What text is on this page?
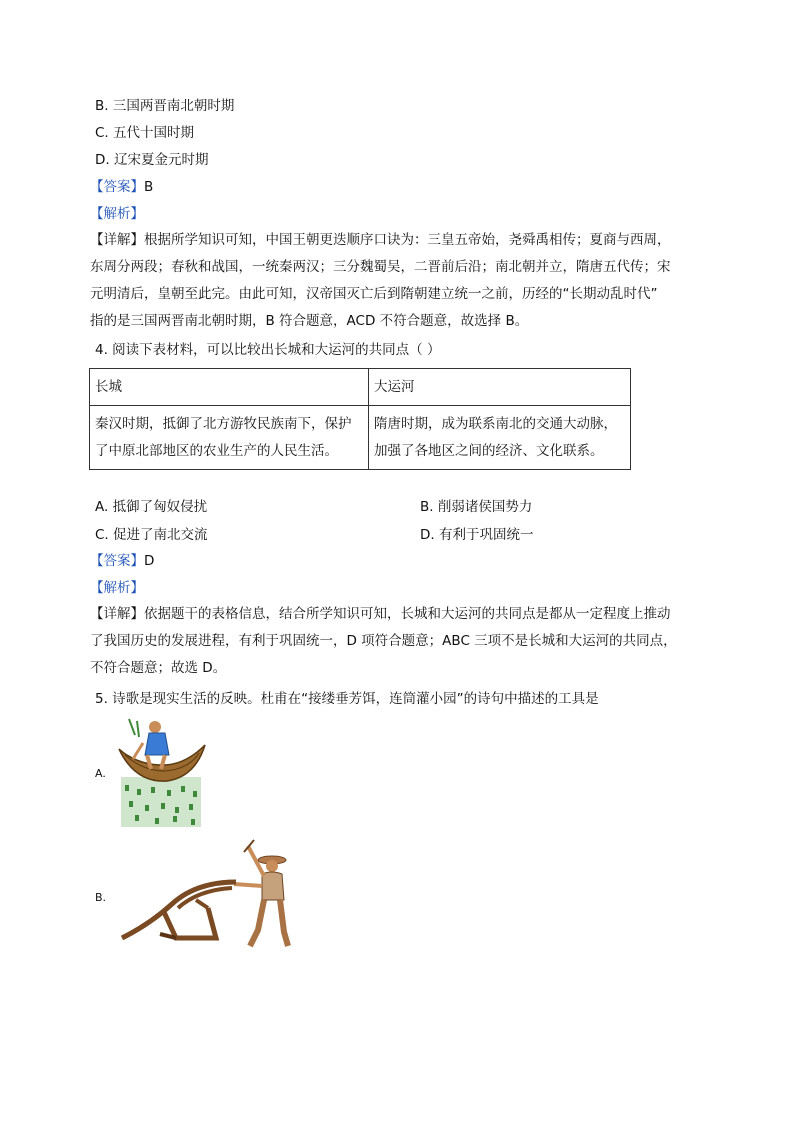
B. 三国两晋南北朝时期
C. 五代十国时期
D. 辽宋夏金元时期
【答案】B
【解析】
【详解】根据所学知识可知，中国王朝更迭顺序口诀为：三皇五帝始，尧舜禹相传；夏商与西周，
东周分两段；春秋和战国，一统秦两汉；三分魏蜀吴，二晋前后沿；南北朝并立，隋唐五代传；宋
元明清后，皇朝至此完。由此可知，汉帝国灭亡后到隋朝建立统一之前，历经的“长期动乱时代”
指的是三国两晋南北朝时期，B 符合题意，ACD 不符合题意，故选择 B。
4. 阅读下表材料，可以比较出长城和大运河的共同点（ ）
长城	大运河
秦汉时期，抵御了北方游牧民族南下，保护了中原北部地区的农业生产的人民生活。	隋唐时期，成为联系南北的交通大动脉，加强了各地区之间的经济、文化联系。
A. 抵御了匈奴侵扰	B. 削弱诸侯国势力
C. 促进了南北交流	D. 有利于巩固统一
【答案】D
【解析】
【详解】依据题干的表格信息，结合所学知识可知，长城和大运河的共同点是都从一定程度上推动
了我国历史的发展进程，有利于巩固统一，D 项符合题意；ABC 三项不是长城和大运河的共同点，
不符合题意；故选 D。
5. 诗歌是现实生活的反映。杜甫在“接缕垂芳饵，连筒灌小园”的诗句中描述的工具是
A.
B.
